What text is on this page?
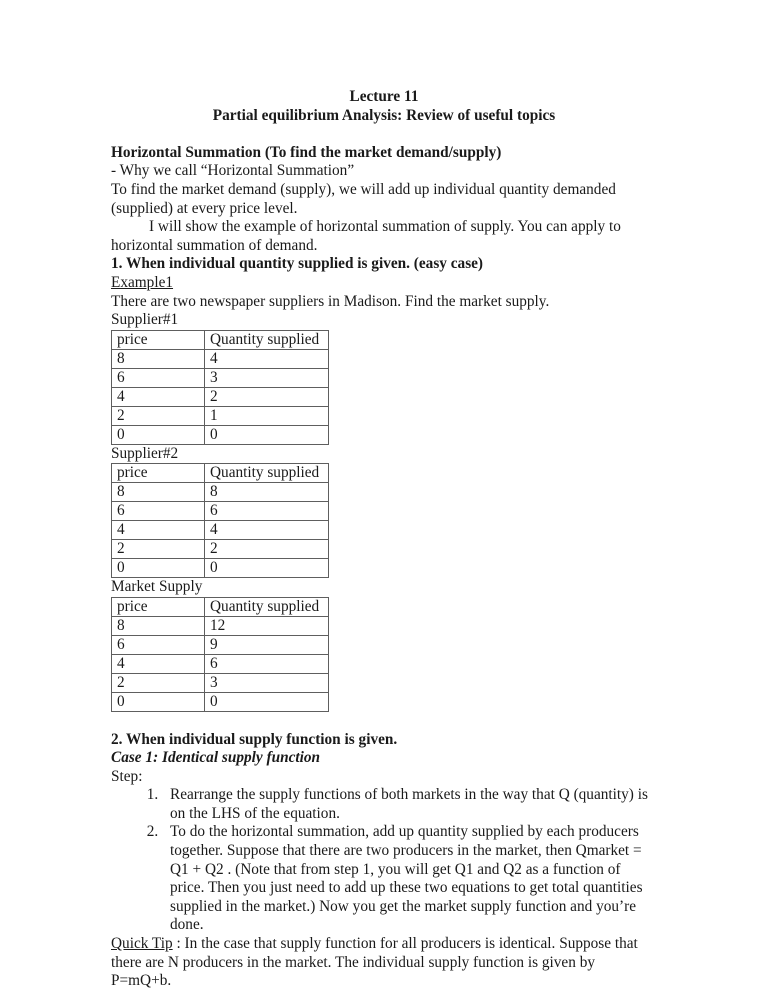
Lecture 11
Partial equilibrium Analysis: Review of useful topics

Horizontal Summation (To find the market demand/supply)

- Why we call “Horizontal Summation”

To find the market demand (supply), we will add up individual quantity demanded (supplied) at every price level.

I will show the example of horizontal summation of supply. You can apply to horizontal summation of demand.

1. When individual quantity supplied is given. (easy case)

Example1

There are two newspaper suppliers in Madison. Find the market supply.

Supplier#1

price	Quantity supplied
8	4
6	3
4	2
2	1
0	0

Supplier#2

price	Quantity supplied
8	8
6	6
4	4
2	2
0	0

Market Supply

price	Quantity supplied
8	12
6	9
4	6
2	3
0	0

2. When individual supply function is given.

Case 1: Identical supply function

Step:

1. Rearrange the supply functions of both markets in the way that Q (quantity) is on the LHS of the equation.
2. To do the horizontal summation, add up quantity supplied by each producers together. Suppose that there are two producers in the market, then Qmarket = Q1 + Q2 . (Note that from step 1, you will get Q1 and Q2 as a function of price. Then you just need to add up these two equations to get total quantities supplied in the market.) Now you get the market supply function and you’re done.

Quick Tip : In the case that supply function for all producers is identical. Suppose that there are N producers in the market. The individual supply function is given by P=mQ+b.
